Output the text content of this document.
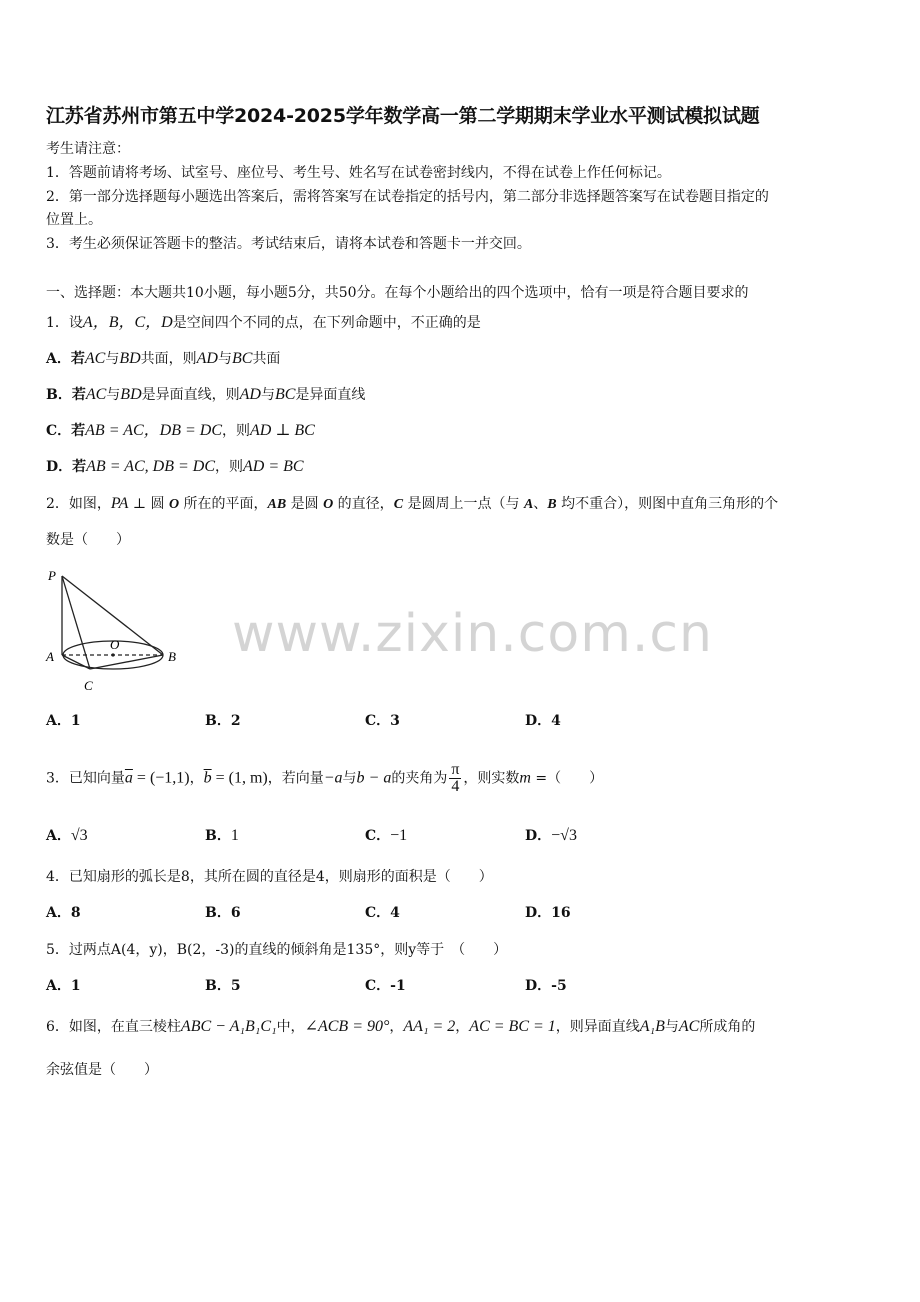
江苏省苏州市第五中学2024-2025学年数学高一第二学期期末学业水平测试模拟试题
考生请注意：
1．答题前请将考场、试室号、座位号、考生号、姓名写在试卷密封线内，不得在试卷上作任何标记。
2．第一部分选择题每小题选出答案后，需将答案写在试卷指定的括号内，第二部分非选择题答案写在试卷题目指定的
位置上。
3．考生必须保证答题卡的整洁。考试结束后，请将本试卷和答题卡一并交回。
一、选择题：本大题共10小题，每小题5分，共50分。在每个小题给出的四个选项中，恰有一项是符合题目要求的
1．设A，B，C，D是空间四个不同的点，在下列命题中，不正确的是
A．若AC与BD共面，则AD与BC共面
B．若AC与BD是异面直线，则AD与BC是异面直线
C．若AB = AC，DB = DC，则AD ⊥ BC
D．若AB = AC, DB = DC，则AD = BC
2．如图，PA ⊥ 圆 O 所在的平面，AB 是圆 O 的直径，C 是圆周上一点（与 A、B 均不重合），则图中直角三角形的个
数是（　　）
P
O
A	B
C
www.zixin.com.cn
A．1	B．2	C．3	D．4
3．已知向量$\overline{a} = (-1,1)$，$\overline{b} = (1$, m)，若向量−a与b − a的夹角为 $\frac{\pi}{4}$ ，则实数m =（　　）
A．√3	B．1	C．−1	D．−√3
4．已知扇形的弧长是8，其所在圆的直径是4，则扇形的面积是（　　）
A．8	B．6	C．4	D．16
5．过两点A(4，y)，B(2，-3)的直线的倾斜角是135°，则y等于　（　　）
A．1	B．5	C．-1	D．-5
6．如图，在直三棱柱ABC − A₁B₁C₁中，∠ACB = 90°，AA₁ = 2，AC = BC = 1，则异面直线A₁B与AC所成角的
余弦值是（　　）
